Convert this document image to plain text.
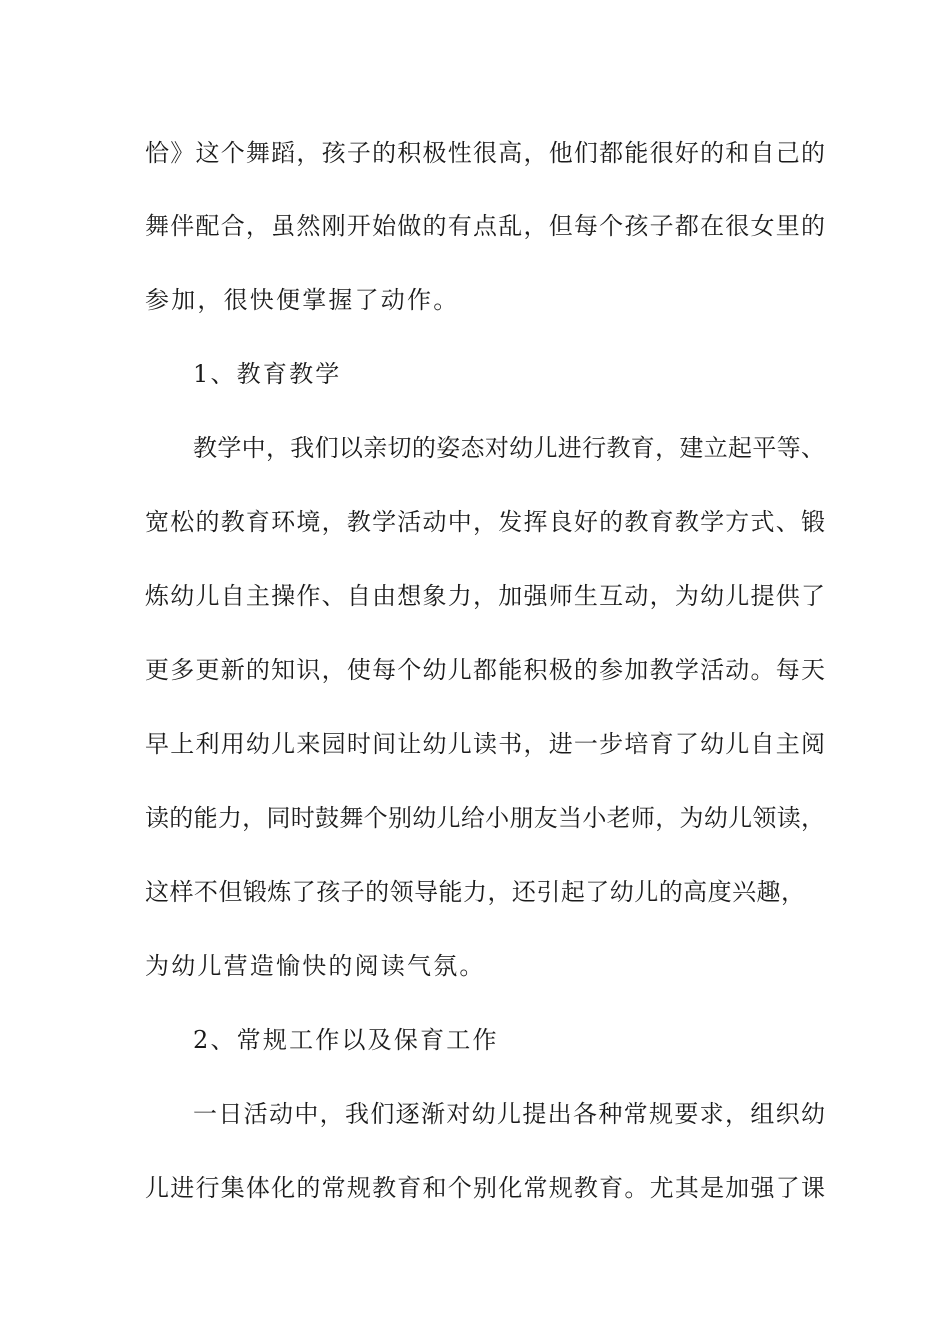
恰》这个舞蹈，孩子的积极性很高，他们都能很好的和自己的
舞伴配合，虽然刚开始做的有点乱，但每个孩子都在很女里的
参加，很快便掌握了动作。
1、教育教学
教学中，我们以亲切的姿态对幼儿进行教育，建立起平等、
宽松的教育环境，教学活动中，发挥良好的教育教学方式、锻
炼幼儿自主操作、自由想象力，加强师生互动，为幼儿提供了
更多更新的知识，使每个幼儿都能积极的参加教学活动。每天
早上利用幼儿来园时间让幼儿读书，进一步培育了幼儿自主阅
读的能力，同时鼓舞个别幼儿给小朋友当小老师，为幼儿领读，
这样不但锻炼了孩子的领导能力，还引起了幼儿的高度兴趣，
为幼儿营造愉快的阅读气氛。
2、常规工作以及保育工作
一日活动中，我们逐渐对幼儿提出各种常规要求，组织幼
儿进行集体化的常规教育和个别化常规教育。尤其是加强了课
